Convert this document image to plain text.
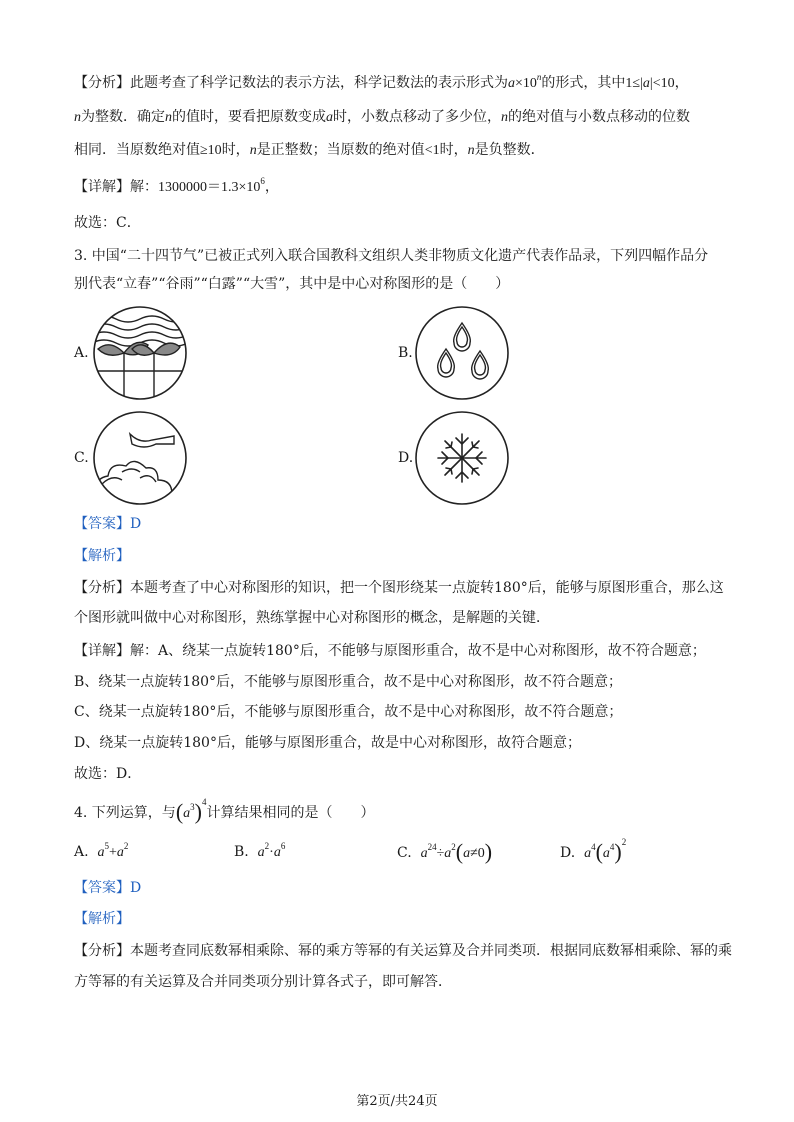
【分析】此题考查了科学记数法的表示方法，科学记数法的表示形式为$a\times 10^n$的形式，其中1≤|a|<10，
n为整数．确定n的值时，要看把原数变成a时，小数点移动了多少位，n的绝对值与小数点移动的位数
相同．当原数绝对值≥10时，n是正整数；当原数的绝对值<1时，n是负整数．
【详解】解：$1300000=1.3\times 10^6$，
故选：C．
3. 中国“二十四节气”已被正式列入联合国教科文组织人类非物质文化遗产代表作品录，下列四幅作品分
别代表“立春”“谷雨”“白露”“大雪”，其中是中心对称图形的是（　　）
A.	B.
C.	D.
【答案】D
【解析】
【分析】本题考查了中心对称图形的知识，把一个图形绕某一点旋转180°后，能够与原图形重合，那么这
个图形就叫做中心对称图形，熟练掌握中心对称图形的概念，是解题的关键．
【详解】解：A、绕某一点旋转180°后，不能够与原图形重合，故不是中心对称图形，故不符合题意；
B、绕某一点旋转180°后，不能够与原图形重合，故不是中心对称图形，故不符合题意；
C、绕某一点旋转180°后，不能够与原图形重合，故不是中心对称图形，故不符合题意；
D、绕某一点旋转180°后，能够与原图形重合，故是中心对称图形，故符合题意；
故选：D．
4. 下列运算，与$(a^3)^4$计算结果相同的是（　　）
A. $a^5+a^2$	B. $a^2\cdot a^6$	C. $a^{24}\div a^2(a\ne 0)$	D. $a^4(a^4)^2$
【答案】D
【解析】
【分析】本题考查同底数幂相乘除、幂的乘方等幂的有关运算及合并同类项．根据同底数幂相乘除、幂的乘
方等幂的有关运算及合并同类项分别计算各式子，即可解答．
第2页/共24页
